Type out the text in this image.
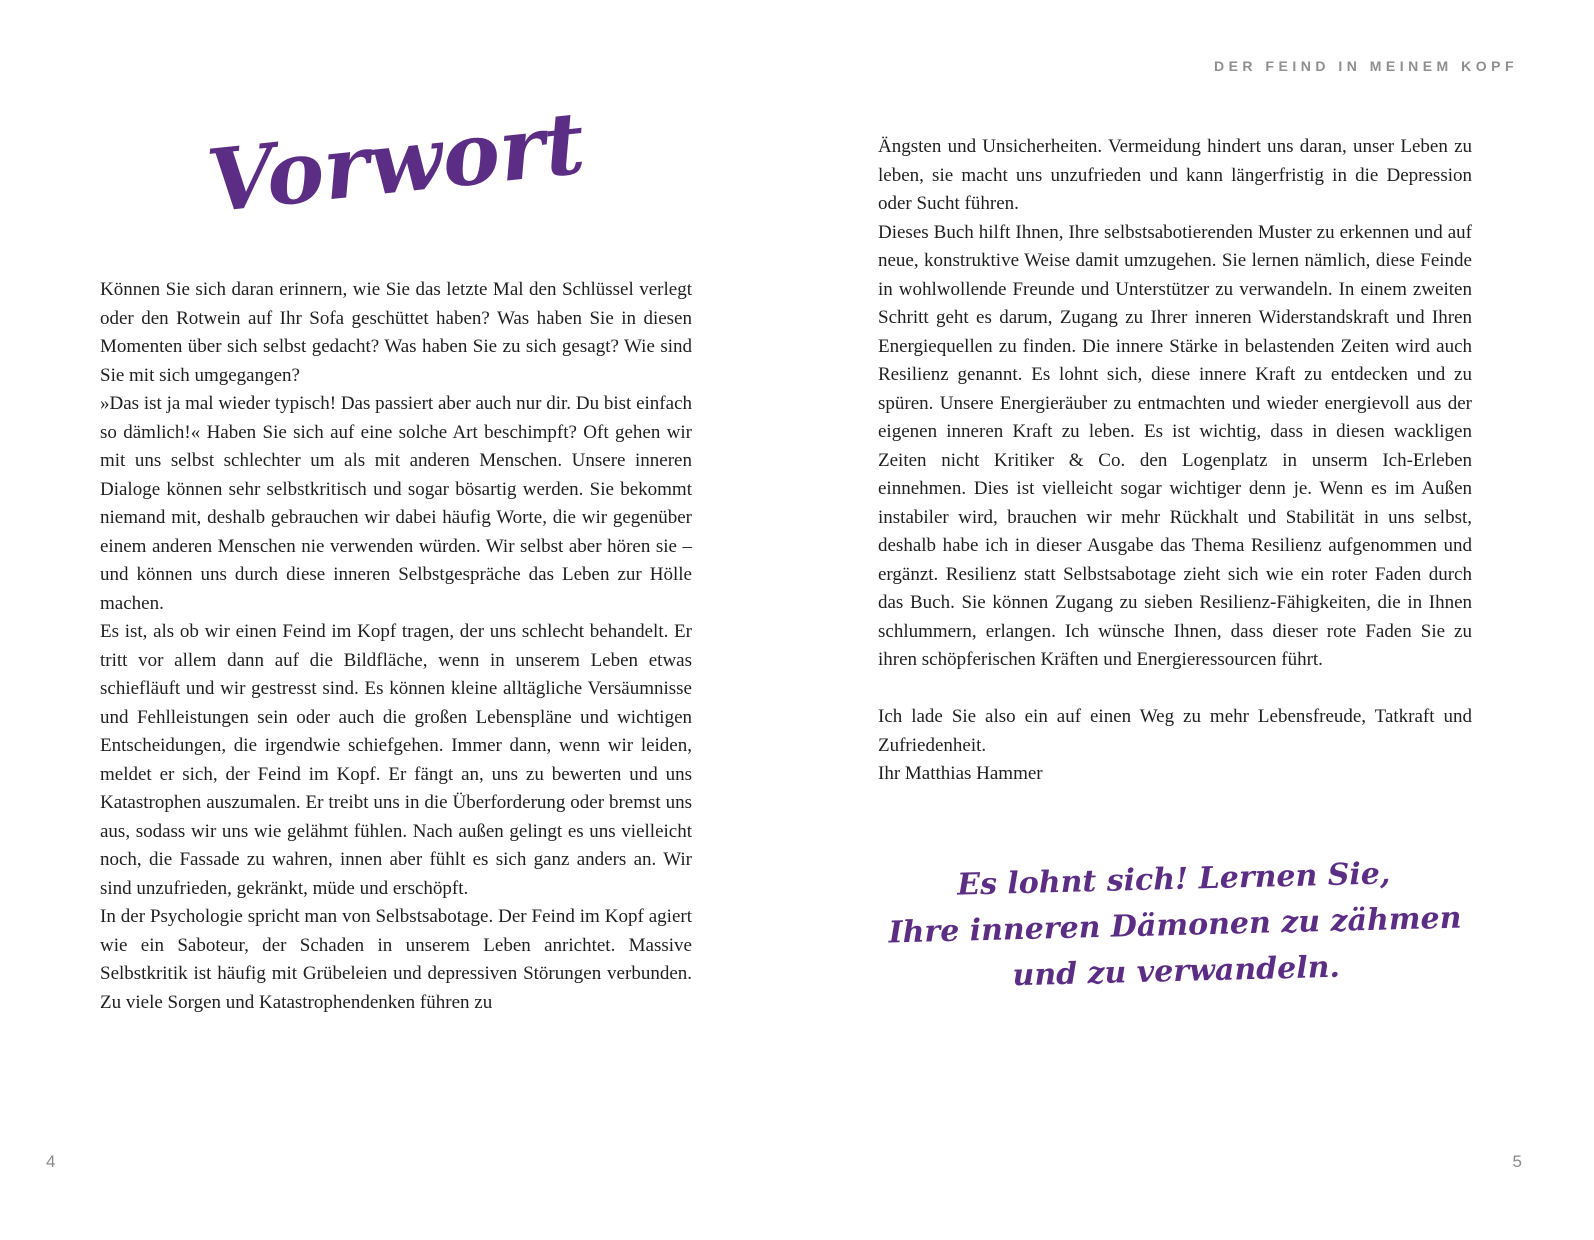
DER FEIND IN MEINEM KOPF
Vorwort

Können Sie sich daran erinnern, wie Sie das letzte Mal den Schlüssel verlegt oder den Rotwein auf Ihr Sofa geschüttet haben? Was haben Sie in diesen Momenten über sich selbst gedacht? Was haben Sie zu sich gesagt? Wie sind Sie mit sich umgegangen?

»Das ist ja mal wieder typisch! Das passiert aber auch nur dir. Du bist einfach so dämlich!« Haben Sie sich auf eine solche Art beschimpft? Oft gehen wir mit uns selbst schlechter um als mit anderen Menschen. Unsere inneren Dialoge können sehr selbstkritisch und sogar bösartig werden. Sie bekommt niemand mit, deshalb gebrauchen wir dabei häufig Worte, die wir gegenüber einem anderen Menschen nie verwenden würden. Wir selbst aber hören sie – und können uns durch diese inneren Selbstgespräche das Leben zur Hölle machen.

Es ist, als ob wir einen Feind im Kopf tragen, der uns schlecht behandelt. Er tritt vor allem dann auf die Bildfläche, wenn in unserem Leben etwas schiefläuft und wir gestresst sind. Es können kleine alltägliche Versäumnisse und Fehlleistungen sein oder auch die großen Lebenspläne und wichtigen Entscheidungen, die irgendwie schiefgehen. Immer dann, wenn wir leiden, meldet er sich, der Feind im Kopf. Er fängt an, uns zu bewerten und uns Katastrophen auszumalen. Er treibt uns in die Überforderung oder bremst uns aus, sodass wir uns wie gelähmt fühlen. Nach außen gelingt es uns vielleicht noch, die Fassade zu wahren, innen aber fühlt es sich ganz anders an. Wir sind unzufrieden, gekränkt, müde und erschöpft.

In der Psychologie spricht man von Selbstsabotage. Der Feind im Kopf agiert wie ein Saboteur, der Schaden in unserem Leben anrichtet. Massive Selbstkritik ist häufig mit Grübeleien und depressiven Störungen verbunden. Zu viele Sorgen und Katastrophendenken führen zu

Ängsten und Unsicherheiten. Vermeidung hindert uns daran, unser Leben zu leben, sie macht uns unzufrieden und kann längerfristig in die Depression oder Sucht führen.

Dieses Buch hilft Ihnen, Ihre selbstsabotierenden Muster zu erkennen und auf neue, konstruktive Weise damit umzugehen. Sie lernen nämlich, diese Feinde in wohlwollende Freunde und Unterstützer zu verwandeln. In einem zweiten Schritt geht es darum, Zugang zu Ihrer inneren Widerstandskraft und Ihren Energiequellen zu finden. Die innere Stärke in belastenden Zeiten wird auch Resilienz genannt. Es lohnt sich, diese innere Kraft zu entdecken und zu spüren. Unsere Energieräuber zu entmachten und wieder energievoll aus der eigenen inneren Kraft zu leben. Es ist wichtig, dass in diesen wackligen Zeiten nicht Kritiker & Co. den Logenplatz in unserm Ich-Erleben einnehmen. Dies ist vielleicht sogar wichtiger denn je. Wenn es im Außen instabiler wird, brauchen wir mehr Rückhalt und Stabilität in uns selbst, deshalb habe ich in dieser Ausgabe das Thema Resilienz aufgenommen und ergänzt. Resilienz statt Selbstsabotage zieht sich wie ein roter Faden durch das Buch. Sie können Zugang zu sieben Resilienz-Fähigkeiten, die in Ihnen schlummern, erlangen. Ich wünsche Ihnen, dass dieser rote Faden Sie zu ihren schöpferischen Kräften und Energieressourcen führt.

Ich lade Sie also ein auf einen Weg zu mehr Lebensfreude, Tatkraft und Zufriedenheit.

Ihr Matthias Hammer

Es lohnt sich! Lernen Sie,
Ihre inneren Dämonen zu zähmen
und zu verwandeln.
4	5
